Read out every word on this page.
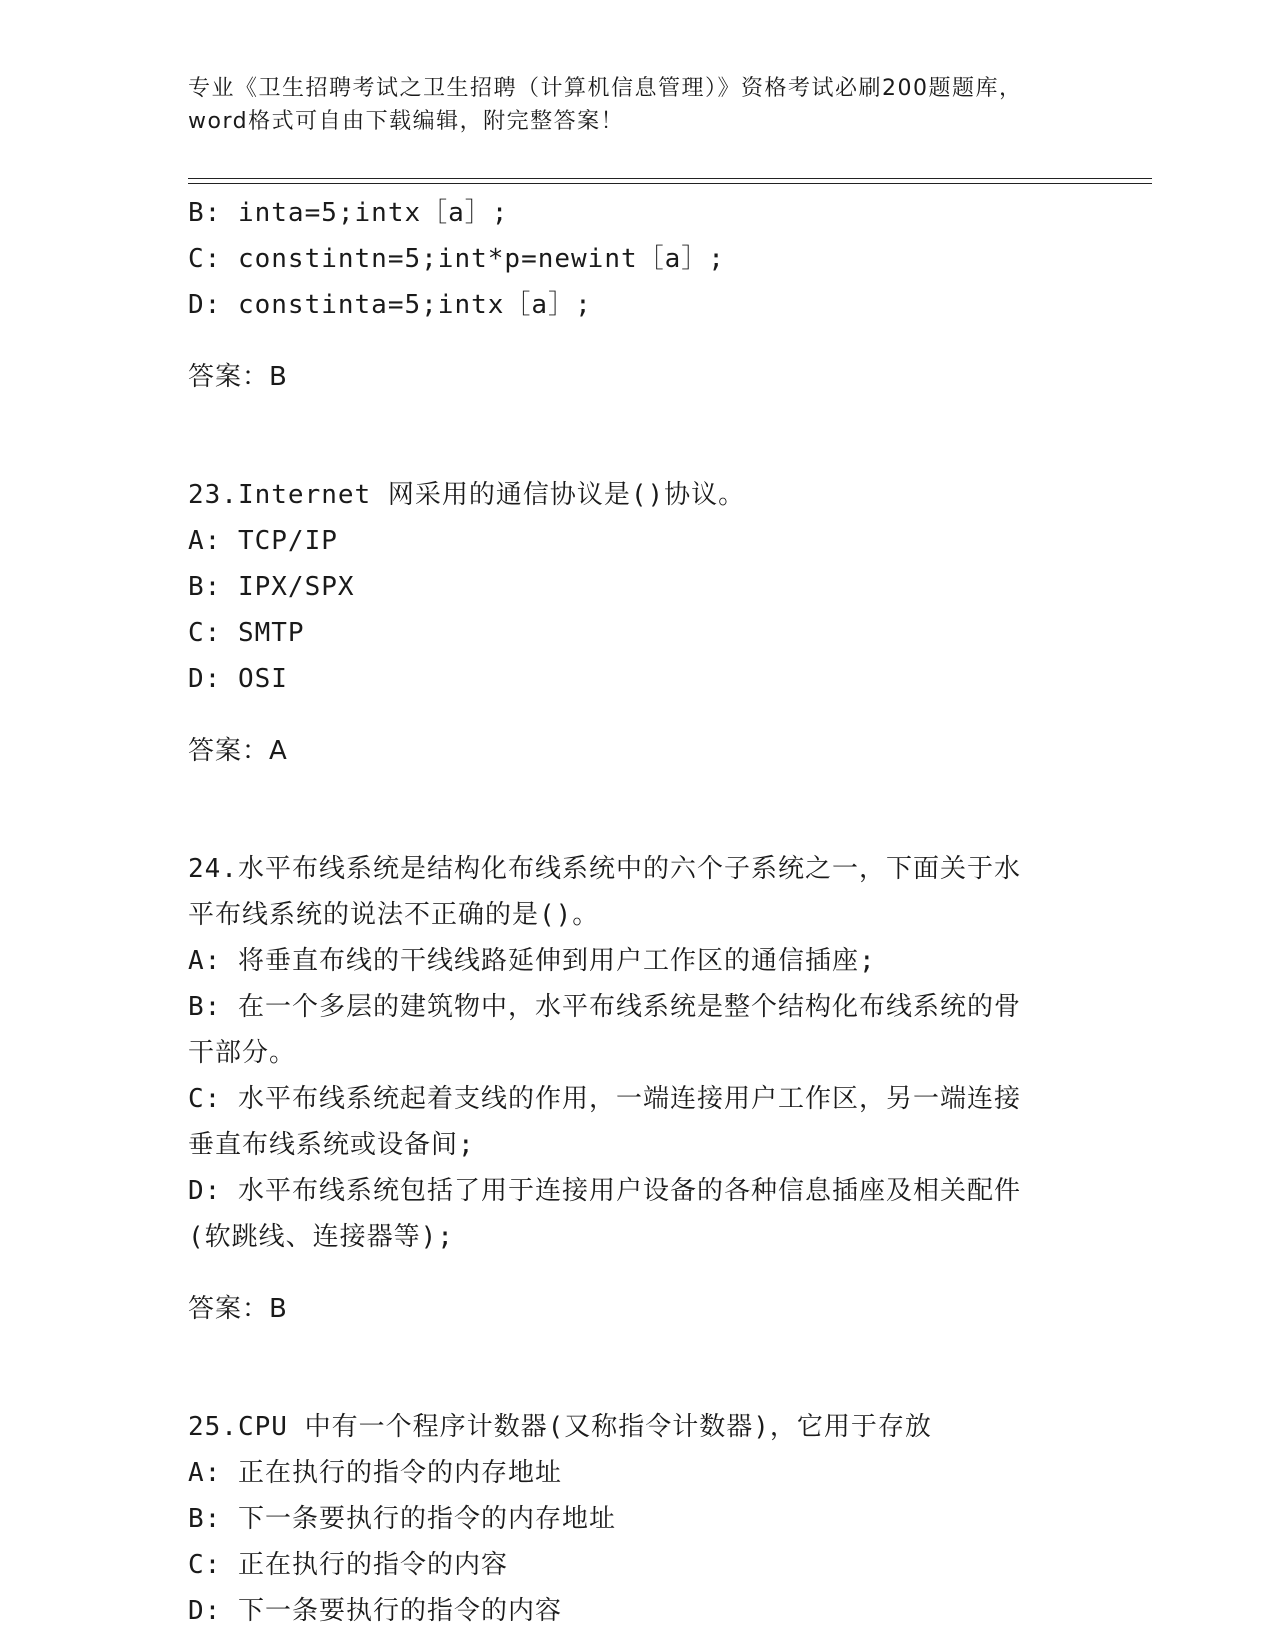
专业《卫生招聘考试之卫生招聘（计算机信息管理）》资格考试必刷200题题库，
word格式可自由下载编辑，附完整答案！

B: inta=5;intx［a］;

C: constintn=5;int*p=newint［a］;

D: constinta=5;intx［a］;

答案：B

23.Internet 网采用的通信协议是()协议。

A: TCP/IP

B: IPX/SPX

C: SMTP

D: OSI

答案：A

24.水平布线系统是结构化布线系统中的六个子系统之一，下面关于水

平布线系统的说法不正确的是()。

A: 将垂直布线的干线线路延伸到用户工作区的通信插座;

B: 在一个多层的建筑物中，水平布线系统是整个结构化布线系统的骨

干部分。

C: 水平布线系统起着支线的作用，一端连接用户工作区，另一端连接

垂直布线系统或设备间;

D: 水平布线系统包括了用于连接用户设备的各种信息插座及相关配件

(软跳线、连接器等);

答案：B

25.CPU 中有一个程序计数器(又称指令计数器)，它用于存放

A: 正在执行的指令的内存地址

B: 下一条要执行的指令的内存地址

C: 正在执行的指令的内容

D: 下一条要执行的指令的内容
